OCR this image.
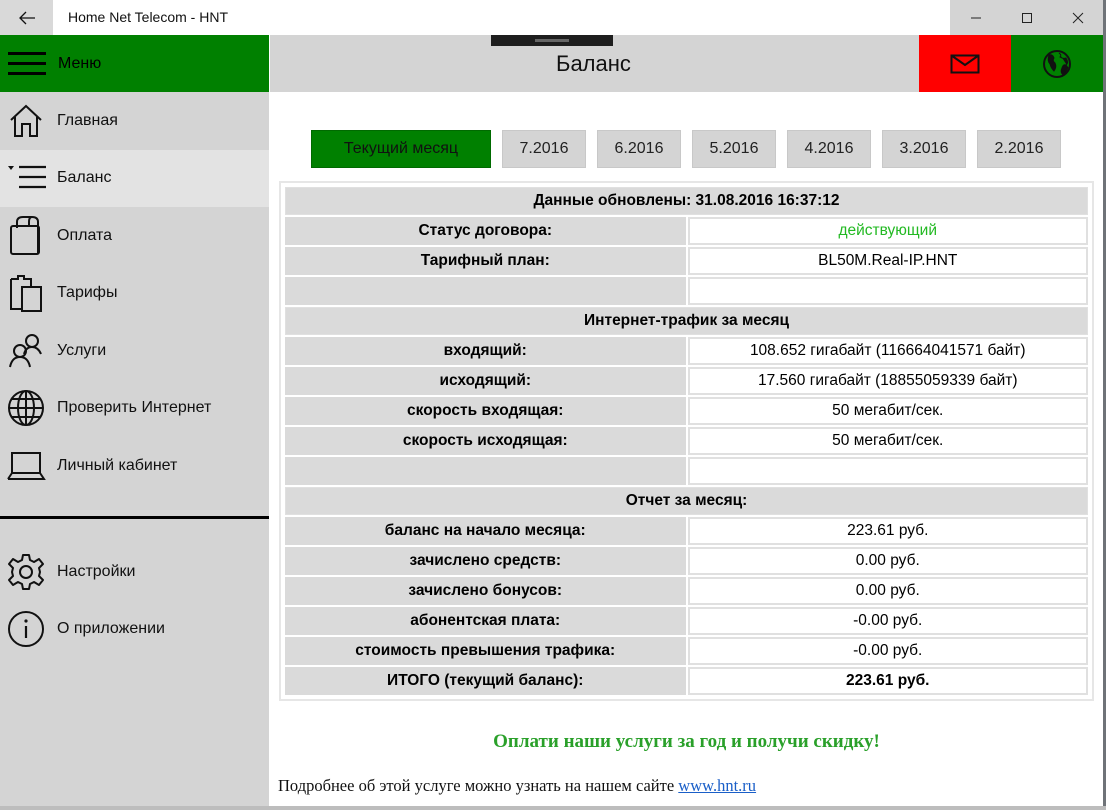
Home Net Telecom - HNT
Меню
Главная
Баланс
Оплата
Тарифы
Услуги
Проверить Интернет
Личный кабинет
Настройки
О приложении
Баланс
Текущий месяц	7.2016	6.2016	5.2016	4.2016	3.2016	2.2016
Данные обновлены: 31.08.2016 16:37:12	
Статус договора:	действующий
Тарифный план:	BL50M.Real-IP.HNT

Интернет-трафик за месяц	
входящий:	108.652 гигабайт (116664041571 байт)
исходящий:	17.560 гигабайт (18855059339 байт)
скорость входящая:	50 мегабит/сек.
скорость исходящая:	50 мегабит/сек.

Отчет за месяц:	
баланс на начало месяца:	223.61 руб.
зачислено средств:	0.00 руб.
зачислено бонусов:	0.00 руб.
абонентская плата:	-0.00 руб.
стоимость превышения трафика:	-0.00 руб.
ИТОГО (текущий баланс):	223.61 руб.
Оплати наши услуги за год и получи скидку!
Подробнее об этой услуге можно узнать на нашем сайте www.hnt.ru
